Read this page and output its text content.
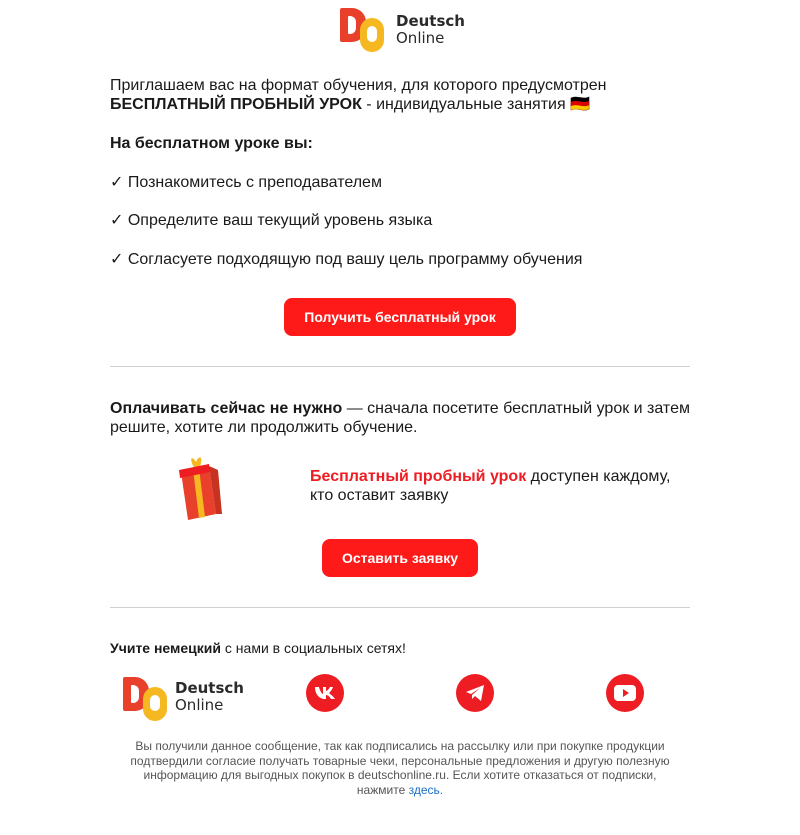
Deutsch
Online
Приглашаем вас на формат обучения, для которого предусмотрен
БЕСПЛАТНЫЙ ПРОБНЫЙ УРОК - индивидуальные занятия 🇩🇪
На бесплатном уроке вы:
✓ Познакомитесь с преподавателем
✓ Определите ваш текущий уровень языка
✓ Согласуете подходящую под вашу цель программу обучения
Получить бесплатный урок
Оплачивать сейчас не нужно — сначала посетите бесплатный урок и затем решите, хотите ли продолжить обучение.
Бесплатный пробный урок доступен каждому, кто оставит заявку
Оставить заявку
Учите немецкий с нами в социальных сетях!
Deutsch
Online
Вы получили данное сообщение, так как подписались на рассылку или при покупке продукции подтвердили согласие получать товарные чеки, персональные предложения и другую полезную информацию для выгодных покупок в deutschonline.ru. Если хотите отказаться от подписки, нажмите здесь.
